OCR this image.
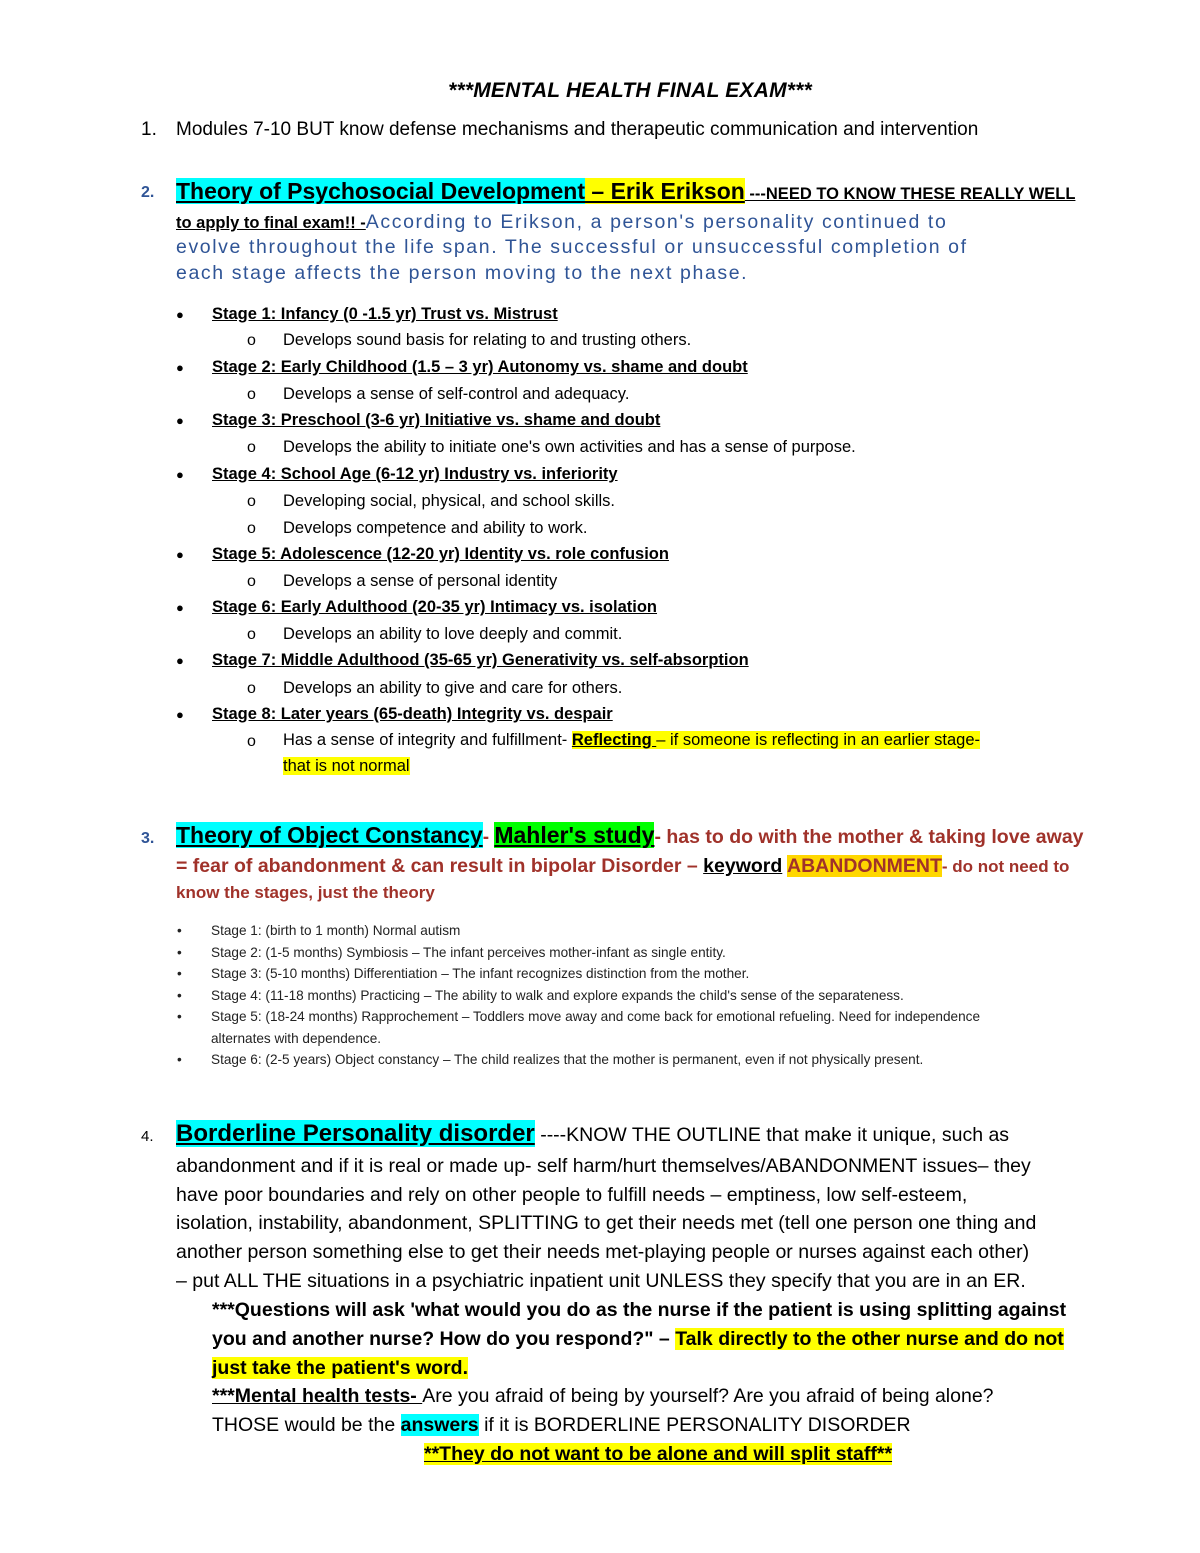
***MENTAL HEALTH FINAL EXAM***
1. Modules 7-10 BUT know defense mechanisms and therapeutic communication and intervention
2. Theory of Psychosocial Development – Erik Erikson ---NEED TO KNOW THESE REALLY WELL
to apply to final exam!! -According to Erikson, a person's personality continued to
evolve throughout the life span. The successful or unsuccessful completion of
each stage affects the person moving to the next phase.
● Stage 1: Infancy (0 -1.5 yr) Trust vs. Mistrust
o Develops sound basis for relating to and trusting others.
● Stage 2: Early Childhood (1.5 – 3 yr) Autonomy vs. shame and doubt
o Develops a sense of self-control and adequacy.
● Stage 3: Preschool (3-6 yr) Initiative vs. shame and doubt
o Develops the ability to initiate one's own activities and has a sense of purpose.
● Stage 4: School Age (6-12 yr) Industry vs. inferiority
o Developing social, physical, and school skills.
o Develops competence and ability to work.
● Stage 5: Adolescence (12-20 yr) Identity vs. role confusion
o Develops a sense of personal identity
● Stage 6: Early Adulthood (20-35 yr) Intimacy vs. isolation
o Develops an ability to love deeply and commit.
● Stage 7: Middle Adulthood (35-65 yr) Generativity vs. self-absorption
o Develops an ability to give and care for others.
● Stage 8: Later years (65-death) Integrity vs. despair
o Has a sense of integrity and fulfillment- Reflecting – if someone is reflecting in an earlier stage-
that is not normal
3. Theory of Object Constancy- Mahler's study- has to do with the mother & taking love away
= fear of abandonment & can result in bipolar Disorder – keyword ABANDONMENT- do not need to
know the stages, just the theory
• Stage 1: (birth to 1 month) Normal autism
• Stage 2: (1-5 months) Symbiosis – The infant perceives mother-infant as single entity.
• Stage 3: (5-10 months) Differentiation – The infant recognizes distinction from the mother.
• Stage 4: (11-18 months) Practicing – The ability to walk and explore expands the child's sense of the separateness.
• Stage 5: (18-24 months) Rapprochement – Toddlers move away and come back for emotional refueling. Need for independence
alternates with dependence.
• Stage 6: (2-5 years) Object constancy – The child realizes that the mother is permanent, even if not physically present.
4. Borderline Personality disorder ----KNOW THE OUTLINE that make it unique, such as
abandonment and if it is real or made up- self harm/hurt themselves/ABANDONMENT issues– they
have poor boundaries and rely on other people to fulfill needs – emptiness, low self-esteem,
isolation, instability, abandonment, SPLITTING to get their needs met (tell one person one thing and
another person something else to get their needs met-playing people or nurses against each other)
– put ALL THE situations in a psychiatric inpatient unit UNLESS they specify that you are in an ER.
***Questions will ask 'what would you do as the nurse if the patient is using splitting against
you and another nurse? How do you respond?" – Talk directly to the other nurse and do not
just take the patient's word.
***Mental health tests- Are you afraid of being by yourself? Are you afraid of being alone?
THOSE would be the answers if it is BORDERLINE PERSONALITY DISORDER
**They do not want to be alone and will split staff**
